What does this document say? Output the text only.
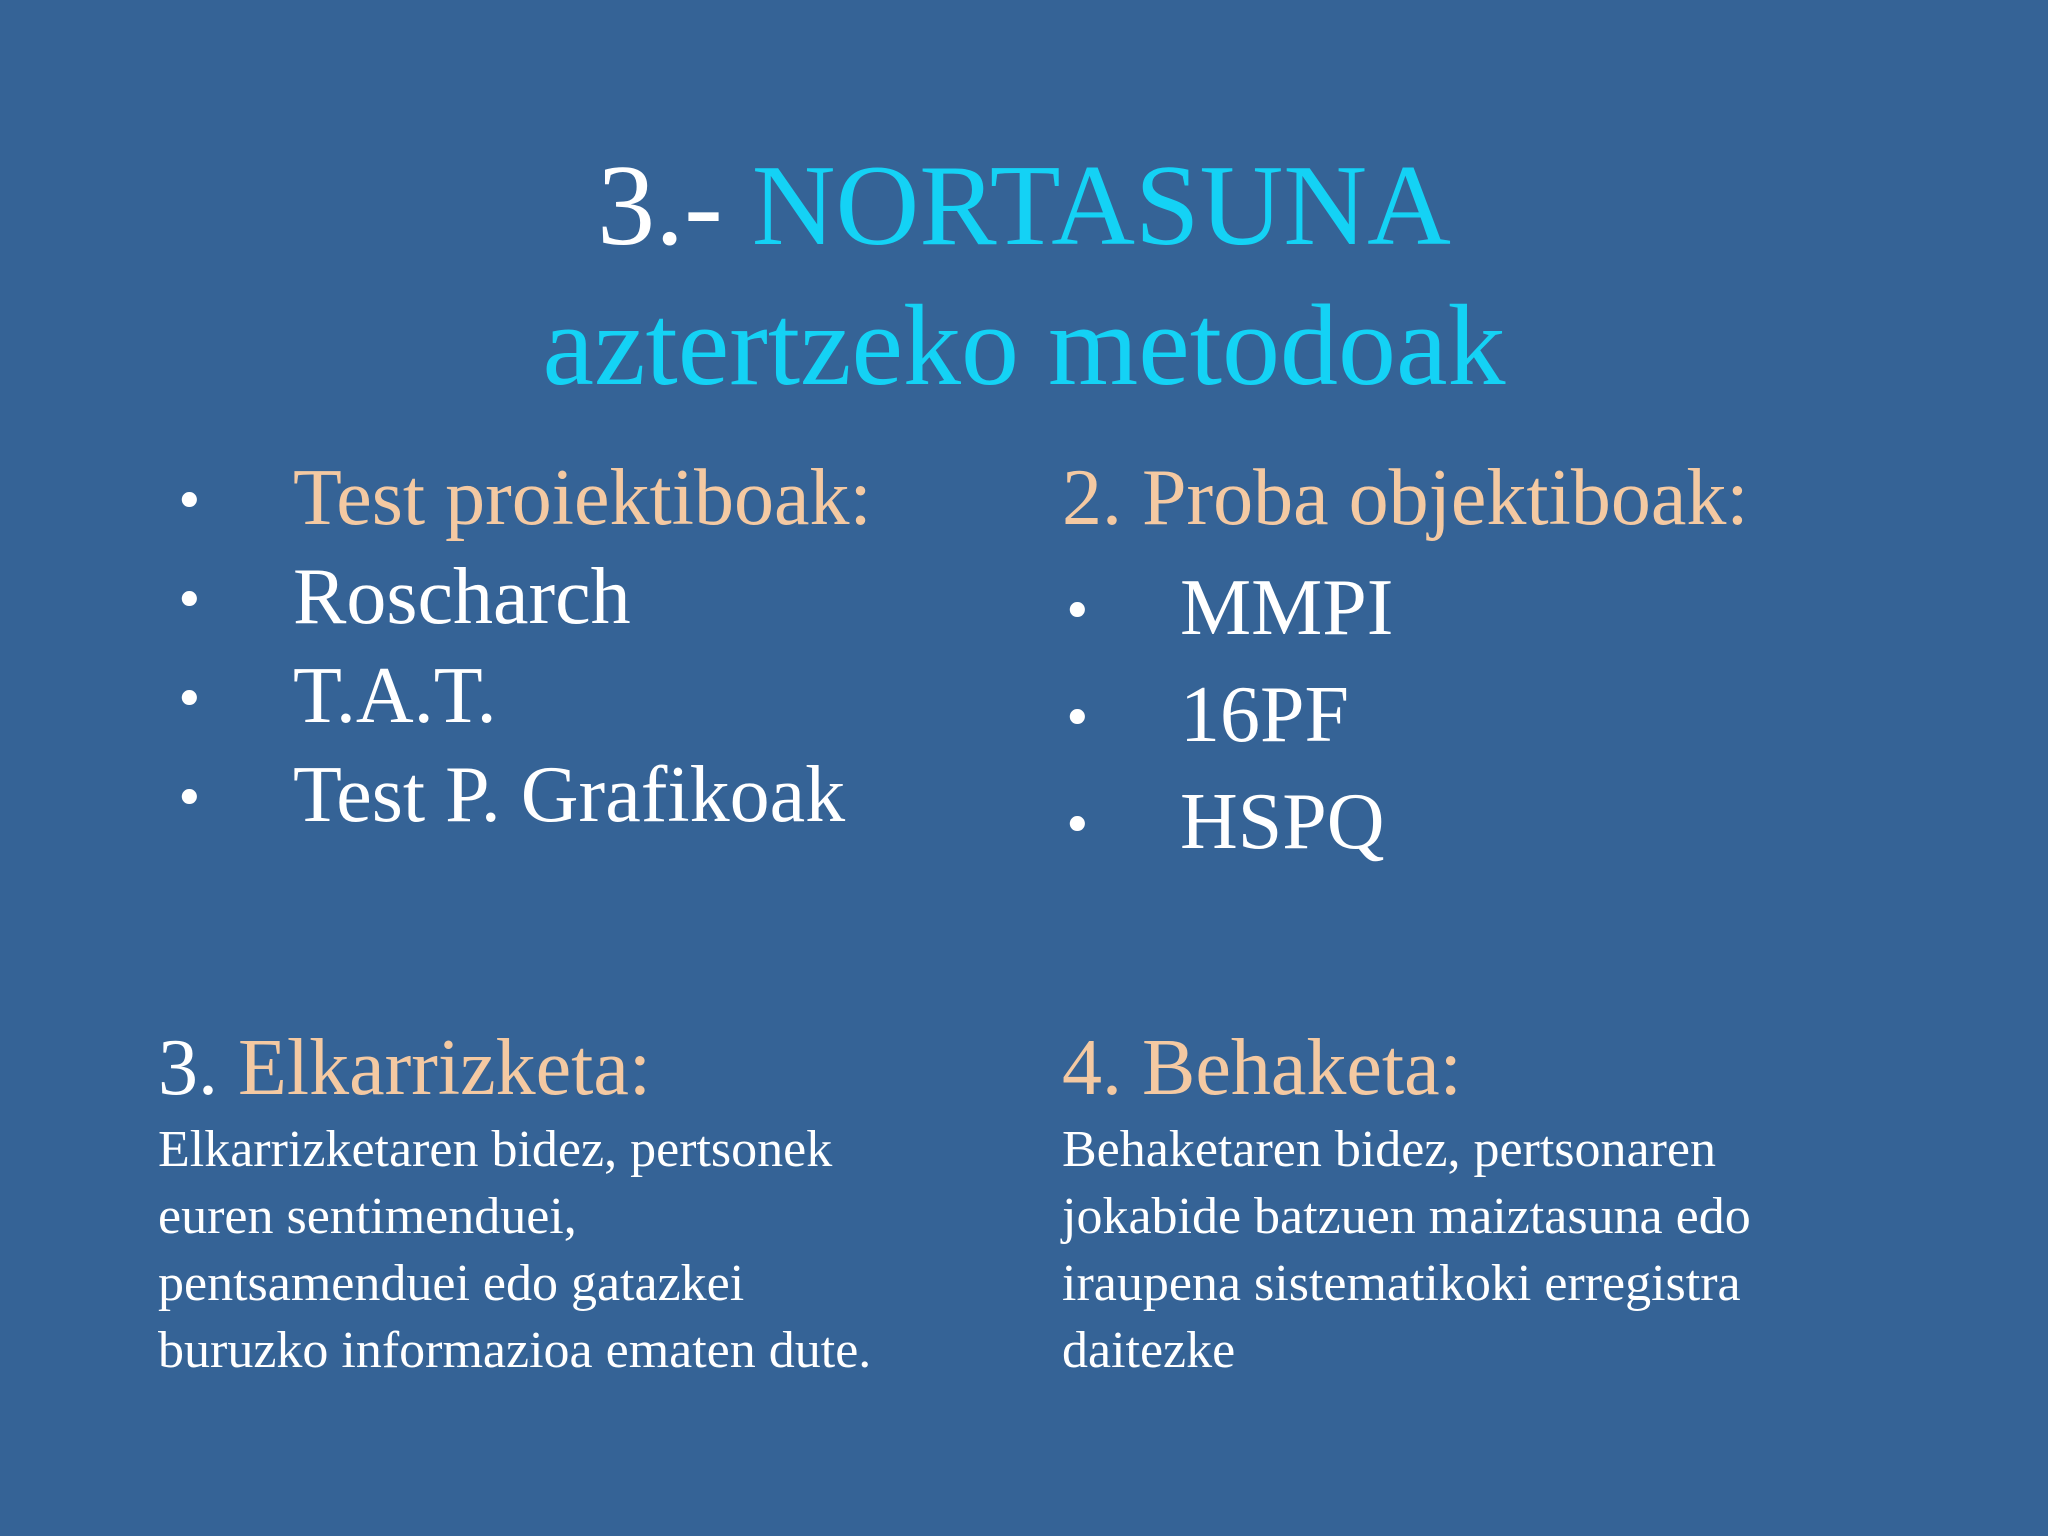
3.- NORTASUNA
aztertzeko metodoak
• Test proiektiboak:
• Roscharch
• T.A.T.
• Test P. Grafikoak
2. Proba objektiboak:
• MMPI
• 16PF
• HSPQ
3. Elkarrizketa:
Elkarrizketaren bidez, pertsonek
euren sentimenduei,
pentsamenduei edo gatazkei
buruzko informazioa ematen dute.
4. Behaketa:
Behaketaren bidez, pertsonaren
jokabide batzuen maiztasuna edo
iraupena sistematikoki erregistra
daitezke
